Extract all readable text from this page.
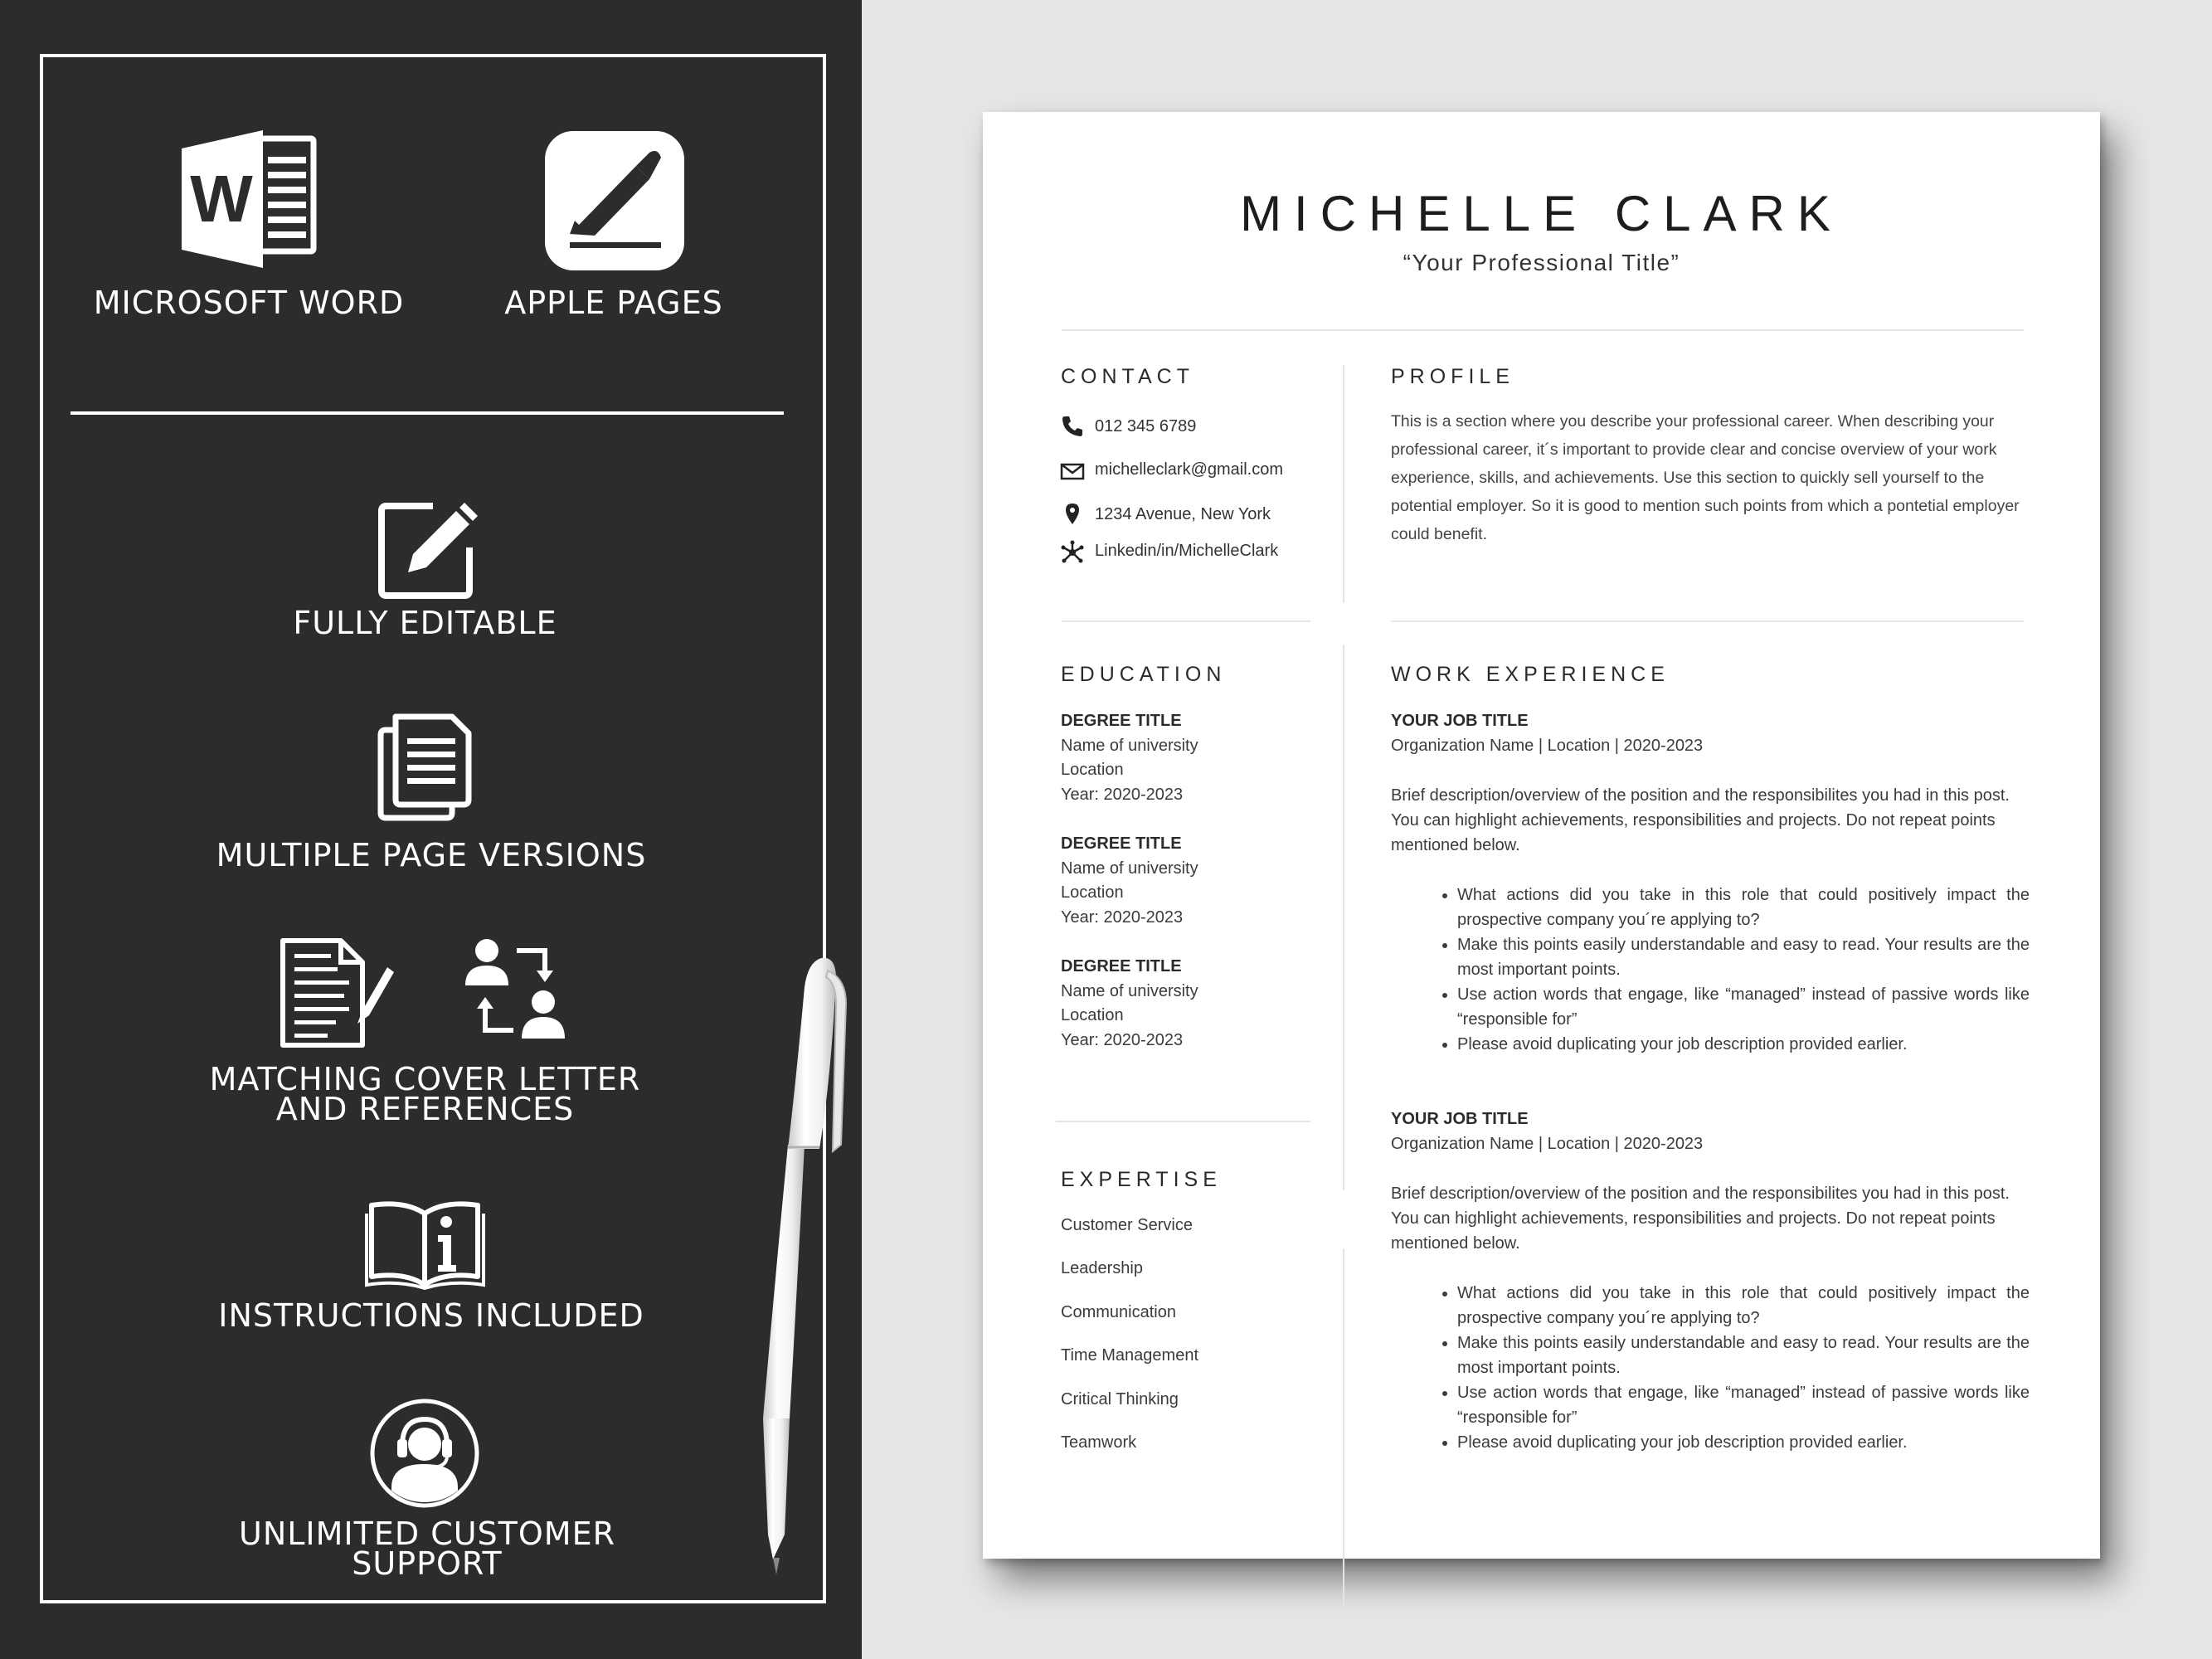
W
MICROSOFT WORD	APPLE PAGES
FULLY EDITABLE
MULTIPLE PAGE VERSIONS
MATCHING COVER LETTER
AND REFERENCES
INSTRUCTIONS INCLUDED
UNLIMITED CUSTOMER
SUPPORT
MICHELLE CLARK
“Your Professional Title”
CONTACT
012 345 6789
michelleclark@gmail.com
1234 Avenue, New York
Linkedin/in/MichelleClark
PROFILE
This is a section where you describe your professional career. When describing your
professional career, it´s important to provide clear and concise overview of your work
experience, skills, and achievements. Use this section to quickly sell yourself to the
potential employer. So it is good to mention such points from which a pontetial employer
could benefit.
EDUCATION
DEGREE TITLE
Name of university
Location
Year: 2020-2023
DEGREE TITLE
Name of university
Location
Year: 2020-2023
DEGREE TITLE
Name of university
Location
Year: 2020-2023
EXPERTISE
Customer Service
Leadership
Communication
Time Management
Critical Thinking
Teamwork
WORK EXPERIENCE
YOUR JOB TITLE
Organization Name | Location | 2020-2023
Brief description/overview of the position and the responsibilites you had in this post.
You can highlight achievements, responsibilities and projects. Do not repeat points
mentioned below.
• What actions did you take in this role that could positively impact the prospective company you´re applying to?
• Make this points easily understandable and easy to read. Your results are the most important points.
• Use action words that engage, like “managed” instead of passive words like “responsible for”
• Please avoid duplicating your job description provided earlier.
YOUR JOB TITLE
Organization Name | Location | 2020-2023
Brief description/overview of the position and the responsibilites you had in this post.
You can highlight achievements, responsibilities and projects. Do not repeat points
mentioned below.
• What actions did you take in this role that could positively impact the prospective company you´re applying to?
• Make this points easily understandable and easy to read. Your results are the most important points.
• Use action words that engage, like “managed” instead of passive words like “responsible for”
• Please avoid duplicating your job description provided earlier.
